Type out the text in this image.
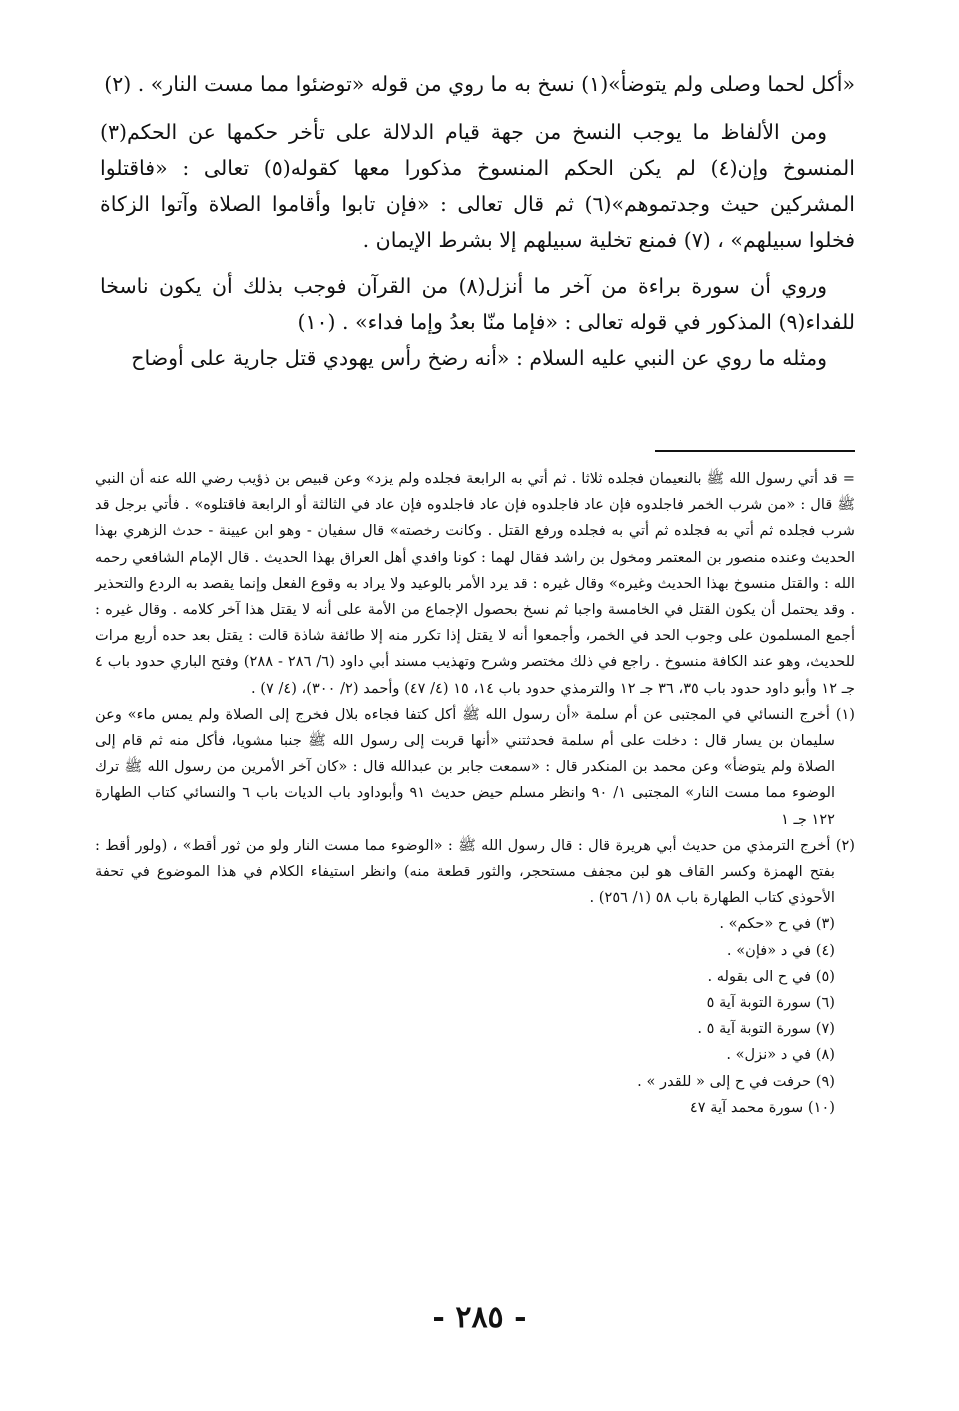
«أكل لحما وصلى ولم يتوضأ»(١) نسخ به ما روي من قوله «توضئوا مما مست النار» . (٢)

ومن الألفاظ ما يوجب النسخ من جهة قيام الدلالة على تأخر حكمها عن الحكم(٣) المنسوخ وإن(٤) لم يكن الحكم المنسوخ مذكورا معها كقوله(٥) تعالى : «فاقتلوا المشركين حيث وجدتموهم»(٦) ثم قال تعالى : «فإن تابوا وأقاموا الصلاة وآتوا الزكاة فخلوا سبيلهم» ، (٧) فمنع تخلية سبيلهم إلا بشرط الإيمان .

وروي أن سورة براءة من آخر ما أنزل(٨) من القرآن فوجب بذلك أن يكون ناسخا للفداء(٩) المذكور في قوله تعالى : «فإما منّا بعدُ وإما فداء» . (١٠)

ومثله ما روي عن النبي عليه السلام : «أنه رضخ رأس يهودي قتل جارية على أوضاح

= قد أتي رسول الله ﷺ بالنعيمان فجلده ثلاثا . ثم أتي به الرابعة فجلده ولم يزد» وعن قبيص بن ذؤيب رضي الله عنه أن النبي ﷺ قال : «من شرب الخمر فاجلدوه فإن عاد فاجلدوه فإن عاد فاجلدوه فإن عاد في الثالثة أو الرابعة فاقتلوه» . فأتي برجل قد شرب فجلده ثم أتي به فجلده ثم أتي به فجلده ورفع القتل . وكانت رخصته» قال سفيان - وهو ابن عيينة - حدث الزهري بهذا الحديث وعنده منصور بن المعتمر ومخول بن راشد فقال لهما : كونا وافدي أهل العراق بهذا الحديث . قال الإمام الشافعي رحمه الله : والقتل منسوخ بهذا الحديث وغيره» وقال غيره : قد يرد الأمر بالوعيد ولا يراد به وقوع الفعل وإنما يقصد به الردع والتحذير . وقد يحتمل أن يكون القتل في الخامسة واجبا ثم نسخ بحصول الإجماع من الأمة على أنه لا يقتل هذا آخر كلامه . وقال غيره : أجمع المسلمون على وجوب الحد في الخمر، وأجمعوا أنه لا يقتل إذا تكرر منه إلا طائفة شاذة قالت : يقتل بعد حده أربع مرات للحديث، وهو عند الكافة منسوخ . راجع في ذلك مختصر وشرح وتهذيب مسند أبي داود (٦/ ٢٨٦ - ٢٨٨) وفتح الباري حدود باب ٤ جـ ١٢ وأبو داود حدود باب ٣٥، ٣٦ جـ ١٢ والترمذي حدود باب ١٤، ١٥ (٤/ ٤٧) وأحمد (٢/ ٣٠٠)، (٤/ ٧) .

(١) أخرج النسائي في المجتبى عن أم سلمة «أن رسول الله ﷺ أكل كتفا فجاءه بلال فخرج إلى الصلاة ولم يمس ماء» وعن سليمان بن يسار قال : دخلت على أم سلمة فحدثتني «أنها قربت إلى رسول الله ﷺ جنبا مشويا، فأكل منه ثم قام إلى الصلاة ولم يتوضأ» وعن محمد بن المنكدر قال : «سمعت جابر بن عبدالله قال : «كان آخر الأمرين من رسول الله ﷺ ترك الوضوء مما مست النار» المجتبى ١/ ٩٠ وانظر مسلم حيض حديث ٩١ وأبوداود باب الديات باب ٦ والنسائي كتاب الطهارة ١٢٢ جـ ١
(٢) أخرج الترمذي من حديث أبي هريرة قال : قال رسول الله ﷺ : «الوضوء مما مست النار ولو من ثور أقط» ، (ولور أقط : بفتح الهمزة وكسر القاف هو لبن مجفف مستحجر، والثور قطعة منه) وانظر استيفاء الكلام في هذا الموضوع في تحفة الأحوذي كتاب الطهارة باب ٥٨ (١/ ٢٥٦) .
(٣) في ح «حكم» .
(٤) في د «فإن» .
(٥) في ح الى بقوله .
(٦) سورة التوبة آية ٥
(٧) سورة التوبة آية ٥ .
(٨) في د «نزل» .
(٩) حرفت في ح إلى « للقدر » .
(١٠) سورة محمد آية ٤٧
- ٢٨٥ -
